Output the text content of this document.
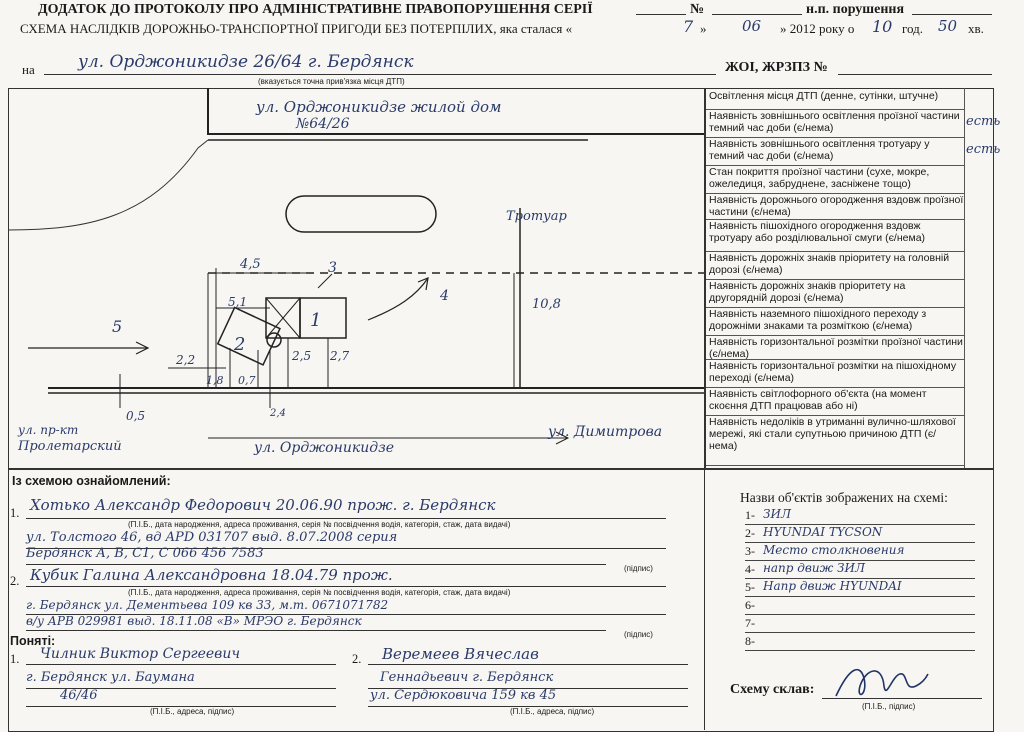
ДОДАТОК ДО ПРОТОКОЛУ ПРО АДМІНІСТРАТИВНЕ ПРАВОПОРУШЕННЯ СЕРІЇ	№	н.п. порушення
СХЕМА НАСЛІДКІВ ДОРОЖНЬО-ТРАНСПОРТНОЇ ПРИГОДИ БЕЗ ПОТЕРПІЛИХ, яка сталася «	7 » 06 » 2012 року о 10 год. 50 хв.
на	ул. Орджоникидзе 26/64 г. Бердянск
(вказується точна прив'язка місця ДТП)
ЖОІ, ЖРЗПЗ №
ул. Орджоникидзе жилой дом
№64/26
Тротуар
4,5
5,1
2,2
1,8 0,7
2,5 2,7
2,4
0,5
10,8
3
1
2
5
4
ул. пр-кт
Пролетарский	ул. Орджоникидзе
ул. Димитрова
Освітлення місця ДТП (денне, сутінки, штучне)
Наявність зовнішнього освітлення проїзної частини темний час доби (є/нема)	есть
Наявність зовнішнього освітлення тротуару у темний час доби (є/нема)	есть
Стан покриття проїзної частини (сухе, мокре, ожеледиця, забруднене, засніжене тощо)
Наявність дорожнього огородження вздовж проїзної частини (є/нема)
Наявність пішохідного огородження вздовж тротуару або розділювальної смуги (є/нема)
Наявність дорожніх знаків пріоритету на головній дорозі (є/нема)
Наявність дорожніх знаків пріоритету на другорядній дорозі (є/нема)
Наявність наземного пішохідного переходу з дорожніми знаками та розміткою (є/нема)
Наявність горизонтальної розмітки проїзної частини (є/нема)
Наявність горизонтальної розмітки на пішохідному переході (є/нема)
Наявність світлофорного об'єкта (на момент скоєння ДТП працював або ні)
Наявність недоліків в утриманні вулично-шляхової мережі, які стали супутньою причиною ДТП (є/нема)
Із схемою ознайомлений:
1. Хотько Александр Федорович 20.06.90 прож. г. Бердянск
(П.І.Б., дата народження, адреса проживання, серія № посвідчення водія, категорія, стаж, дата видачі)
ул. Толстого 46, вд APD 031707 выд. 8.07.2008 серия
Бердянск А, В, С1, С 066 456 7583
(підпис)
2. Кубик Галина Александровна 18.04.79 прож.
(П.І.Б., дата народження, адреса проживання, серія № посвідчення водія, категорія, стаж, дата видачі)
г. Бердянск ул. Дементьева 109 кв 33, м.т. 0671071782
в/у АРВ 029981 выд. 18.11.08 «В» МРЭО г. Бердянск
(підпис)
Поняті:
1. Чилник Виктор Сергеевич
г. Бердянск ул. Баумана
46/46
(П.І.Б., адреса, підпис)
2. Веремеев Вячеслав
Геннадьевич г. Бердянск
ул. Сердюковича 159 кв 45
(П.І.Б., адреса, підпис)
Назви об'єктів зображених на схемі:
1- ЗИЛ
2- HYUNDAI TYCSON
3- Место столкновения
4- напр движ ЗИЛ
5- Напр движ HYUNDAI
6-
7-
8-
Схему склав:
(П.І.Б., підпис)
